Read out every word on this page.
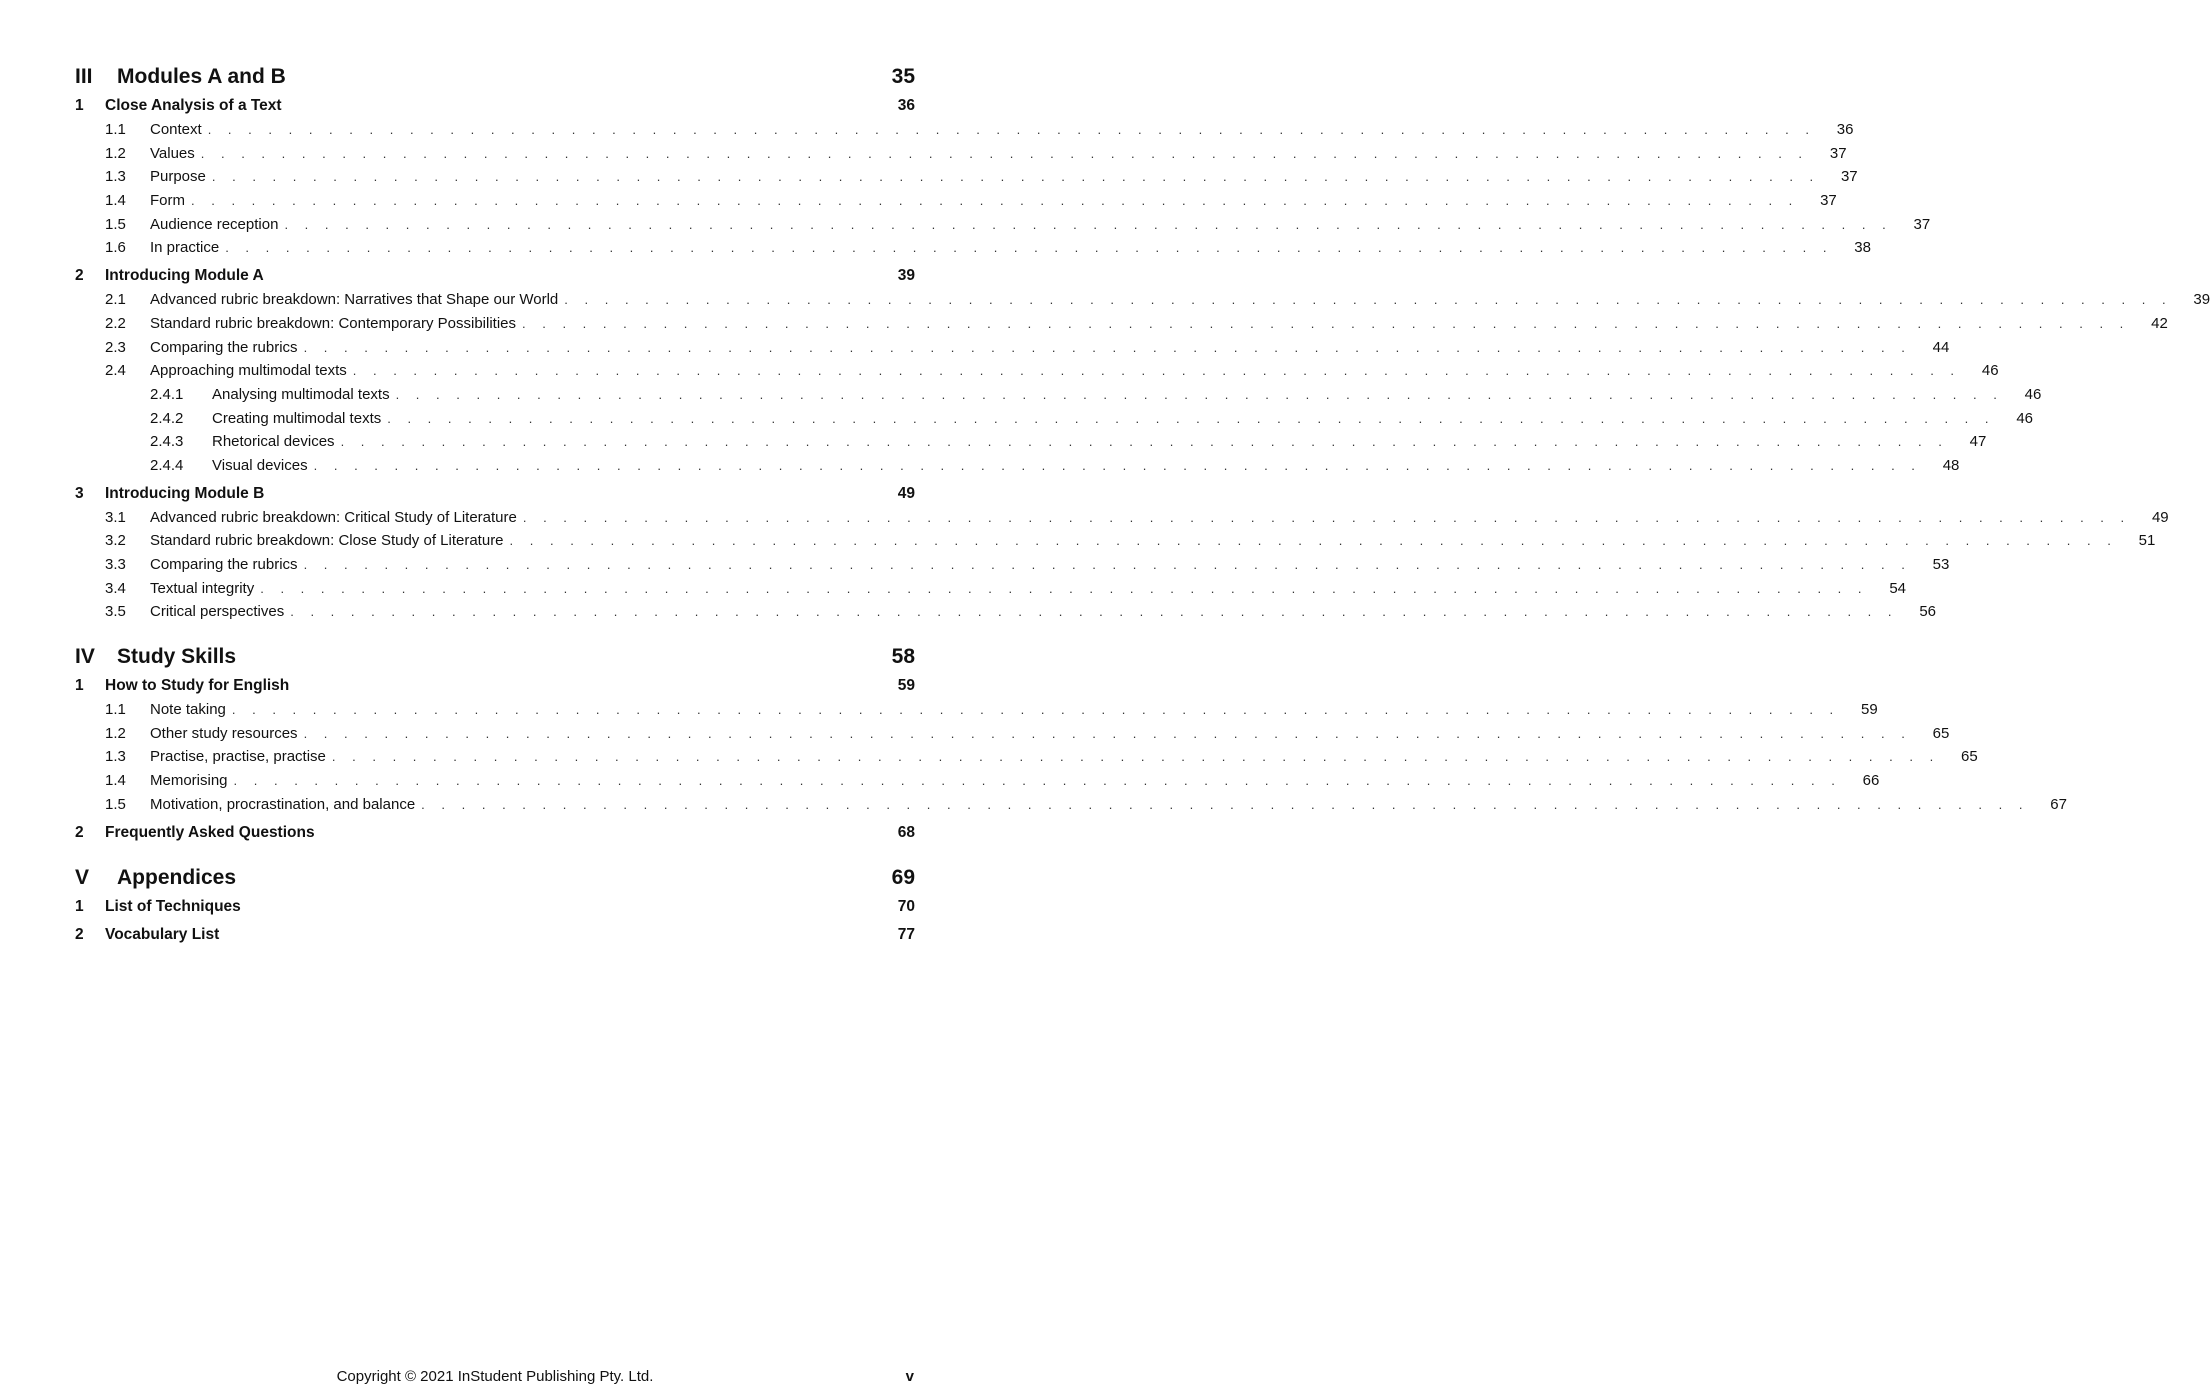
III Modules A and B	35
1 Close Analysis of a Text	36
1.1	Context . . . . . . . . . . . . . . . . . . . . . . . . . . . . . . . . . . . . . . . . . . . . . . . . . . . . . . . . . . . . . . . . . . . . . . . . . . . . . . . .	36
1.2	Values . . . . . . . . . . . . . . . . . . . . . . . . . . . . . . . . . . . . . . . . . . . . . . . . . . . . . . . . . . . . . . . . . . . . . . . . . . . . . . . .	37
1.3	Purpose . . . . . . . . . . . . . . . . . . . . . . . . . . . . . . . . . . . . . . . . . . . . . . . . . . . . . . . . . . . . . . . . . . . . . . . . . . . . . . . .	37
1.4	Form . . . . . . . . . . . . . . . . . . . . . . . . . . . . . . . . . . . . . . . . . . . . . . . . . . . . . . . . . . . . . . . . . . . . . . . . . . . . . . . .	37
1.5	Audience reception . . . . . . . . . . . . . . . . . . . . . . . . . . . . . . . . . . . . . . . . . . . . . . . . . . . . . . . . . . . . . . . . . . . . . . . . . . . . . . . .	37
1.6	In practice . . . . . . . . . . . . . . . . . . . . . . . . . . . . . . . . . . . . . . . . . . . . . . . . . . . . . . . . . . . . . . . . . . . . . . . . . . . . . . . .	38
2 Introducing Module A	39
2.1	Advanced rubric breakdown: Narratives that Shape our World . . . . . . . . . . . . . . . . . . . . . . . . . . . . . . . . . . . . . . . . . . . . . . . . . . . . . . . . . . . . . . . . . . . . . . . . . . . . . . . .	39
2.2	Standard rubric breakdown: Contemporary Possibilities . . . . . . . . . . . . . . . . . . . . . . . . . . . . . . . . . . . . . . . . . . . . . . . . . . . . . . . . . . . . . . . . . . . . . . . . . . . . . . . .	42
2.3	Comparing the rubrics . . . . . . . . . . . . . . . . . . . . . . . . . . . . . . . . . . . . . . . . . . . . . . . . . . . . . . . . . . . . . . . . . . . . . . . . . . . . . . . .	44
2.4	Approaching multimodal texts . . . . . . . . . . . . . . . . . . . . . . . . . . . . . . . . . . . . . . . . . . . . . . . . . . . . . . . . . . . . . . . . . . . . . . . . . . . . . . . .	46
2.4.1	Analysing multimodal texts . . . . . . . . . . . . . . . . . . . . . . . . . . . . . . . . . . . . . . . . . . . . . . . . . . . . . . . . . . . . . . . . . . . . . . . . . . . . . . . .	46
2.4.2	Creating multimodal texts . . . . . . . . . . . . . . . . . . . . . . . . . . . . . . . . . . . . . . . . . . . . . . . . . . . . . . . . . . . . . . . . . . . . . . . . . . . . . . . .	46
2.4.3	Rhetorical devices . . . . . . . . . . . . . . . . . . . . . . . . . . . . . . . . . . . . . . . . . . . . . . . . . . . . . . . . . . . . . . . . . . . . . . . . . . . . . . . .	47
2.4.4	Visual devices . . . . . . . . . . . . . . . . . . . . . . . . . . . . . . . . . . . . . . . . . . . . . . . . . . . . . . . . . . . . . . . . . . . . . . . . . . . . . . . .	48
3 Introducing Module B	49
3.1	Advanced rubric breakdown: Critical Study of Literature . . . . . . . . . . . . . . . . . . . . . . . . . . . . . . . . . . . . . . . . . . . . . . . . . . . . . . . . . . . . . . . . . . . . . . . . . . . . . . . .	49
3.2	Standard rubric breakdown: Close Study of Literature . . . . . . . . . . . . . . . . . . . . . . . . . . . . . . . . . . . . . . . . . . . . . . . . . . . . . . . . . . . . . . . . . . . . . . . . . . . . . . . .	51
3.3	Comparing the rubrics . . . . . . . . . . . . . . . . . . . . . . . . . . . . . . . . . . . . . . . . . . . . . . . . . . . . . . . . . . . . . . . . . . . . . . . . . . . . . . . .	53
3.4	Textual integrity . . . . . . . . . . . . . . . . . . . . . . . . . . . . . . . . . . . . . . . . . . . . . . . . . . . . . . . . . . . . . . . . . . . . . . . . . . . . . . . .	54
3.5	Critical perspectives . . . . . . . . . . . . . . . . . . . . . . . . . . . . . . . . . . . . . . . . . . . . . . . . . . . . . . . . . . . . . . . . . . . . . . . . . . . . . . . .	56
IV Study Skills	58
1 How to Study for English	59
1.1	Note taking . . . . . . . . . . . . . . . . . . . . . . . . . . . . . . . . . . . . . . . . . . . . . . . . . . . . . . . . . . . . . . . . . . . . . . . . . . . . . . . .	59
1.2	Other study resources . . . . . . . . . . . . . . . . . . . . . . . . . . . . . . . . . . . . . . . . . . . . . . . . . . . . . . . . . . . . . . . . . . . . . . . . . . . . . . . .	65
1.3	Practise, practise, practise . . . . . . . . . . . . . . . . . . . . . . . . . . . . . . . . . . . . . . . . . . . . . . . . . . . . . . . . . . . . . . . . . . . . . . . . . . . . . . . .	65
1.4	Memorising . . . . . . . . . . . . . . . . . . . . . . . . . . . . . . . . . . . . . . . . . . . . . . . . . . . . . . . . . . . . . . . . . . . . . . . . . . . . . . . .	66
1.5	Motivation, procrastination, and balance . . . . . . . . . . . . . . . . . . . . . . . . . . . . . . . . . . . . . . . . . . . . . . . . . . . . . . . . . . . . . . . . . . . . . . . . . . . . . . . .	67
2 Frequently Asked Questions	68
V Appendices	69
1 List of Techniques	70
2 Vocabulary List	77
Copyright © 2021 InStudent Publishing Pty. Ltd.	v
